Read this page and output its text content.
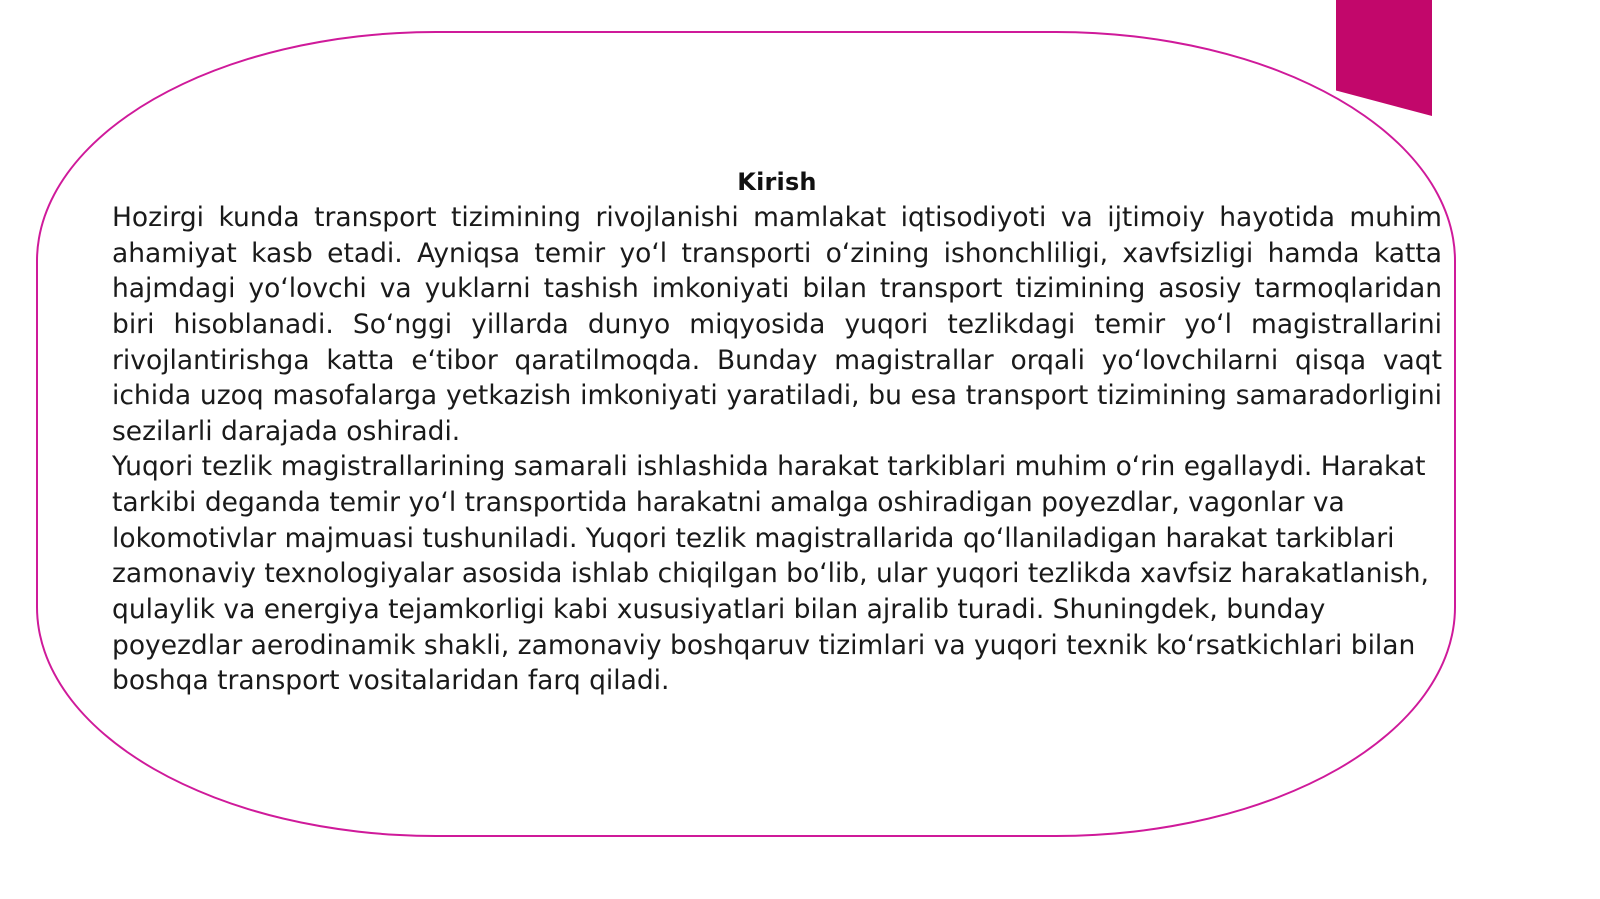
Kirish

Hozirgi kunda transport tizimining rivojlanishi mamlakat iqtisodiyoti va ijtimoiy hayotida muhim ahamiyat kasb etadi. Ayniqsa temir yo‘l transporti o‘zining ishonchliligi, xavfsizligi hamda katta hajmdagi yo‘lovchi va yuklarni tashish imkoniyati bilan transport tizimining asosiy tarmoqlaridan biri hisoblanadi. So‘nggi yillarda dunyo miqyosida yuqori tezlikdagi temir yo‘l magistrallarini rivojlantirishga katta e‘tibor qaratilmoqda. Bunday magistrallar orqali yo‘lovchilarni qisqa vaqt ichida uzoq masofalarga yetkazish imkoniyati yaratiladi, bu esa transport tizimining samaradorligini sezilarli darajada oshiradi.

Yuqori tezlik magistrallarining samarali ishlashida harakat tarkiblari muhim o‘rin egallaydi. Harakat tarkibi deganda temir yo‘l transportida harakatni amalga oshiradigan poyezdlar, vagonlar va lokomotivlar majmuasi tushuniladi. Yuqori tezlik magistrallarida qo‘llaniladigan harakat tarkiblari zamonaviy texnologiyalar asosida ishlab chiqilgan bo‘lib, ular yuqori tezlikda xavfsiz harakatlanish, qulaylik va energiya tejamkorligi kabi xususiyatlari bilan ajralib turadi. Shuningdek, bunday poyezdlar aerodinamik shakli, zamonaviy boshqaruv tizimlari va yuqori texnik ko‘rsatkichlari bilan boshqa transport vositalaridan farq qiladi.
